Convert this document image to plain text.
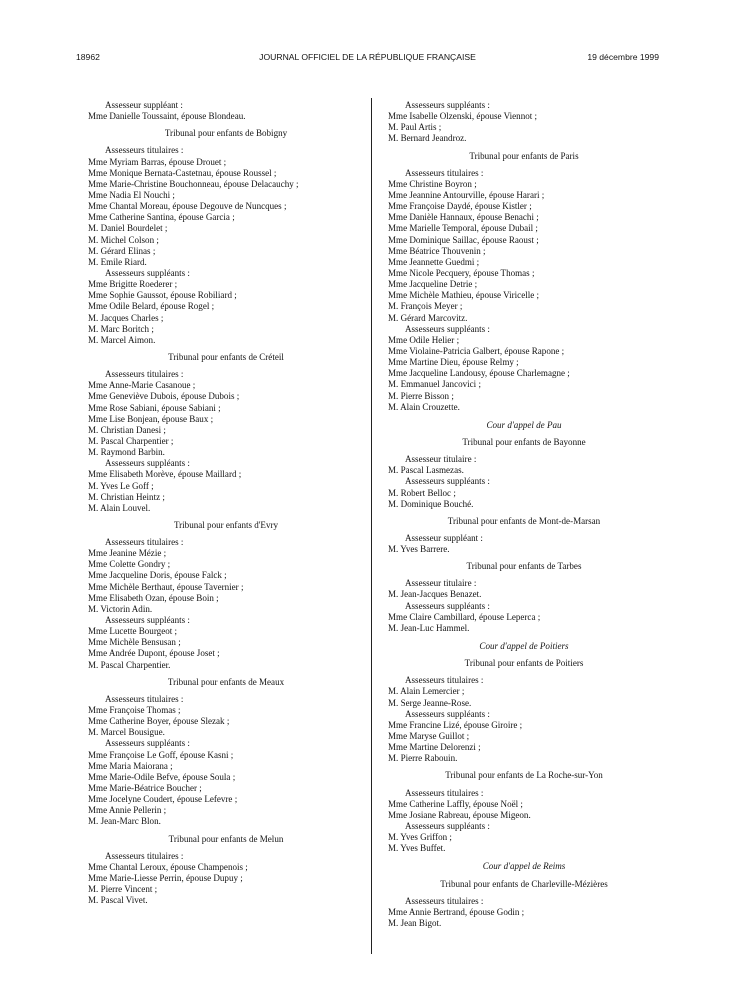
18962	JOURNAL OFFICIEL DE LA RÉPUBLIQUE FRANÇAISE	19 décembre 1999
Assesseur suppléant :
Mme Danielle Toussaint, épouse Blondeau.
Tribunal pour enfants de Bobigny
Assesseurs titulaires :
Mme Myriam Barras, épouse Drouet ;
Mme Monique Bernata-Castetnau, épouse Roussel ;
Mme Marie-Christine Bouchonneau, épouse Delacauchy ;
Mme Nadia El Nouchi ;
Mme Chantal Moreau, épouse Degouve de Nuncques ;
Mme Catherine Santina, épouse Garcia ;
M. Daniel Bourdelet ;
M. Michel Colson ;
M. Gérard Elinas ;
M. Emile Riard.
Assesseurs suppléants :
Mme Brigitte Roederer ;
Mme Sophie Gaussot, épouse Robiliard ;
Mme Odile Belard, épouse Rogel ;
M. Jacques Charles ;
M. Marc Boritch ;
M. Marcel Aimon.
Tribunal pour enfants de Créteil
Assesseurs titulaires :
Mme Anne-Marie Casanoue ;
Mme Geneviève Dubois, épouse Dubois ;
Mme Rose Sabiani, épouse Sabiani ;
Mme Lise Bonjean, épouse Baux ;
M. Christian Danesi ;
M. Pascal Charpentier ;
M. Raymond Barbin.
Assesseurs suppléants :
Mme Elisabeth Morève, épouse Maillard ;
M. Yves Le Goff ;
M. Christian Heintz ;
M. Alain Louvel.
Tribunal pour enfants d'Evry
Assesseurs titulaires :
Mme Jeanine Mézie ;
Mme Colette Gondry ;
Mme Jacqueline Doris, épouse Falck ;
Mme Michèle Berthaut, épouse Tavernier ;
Mme Elisabeth Ozan, épouse Boin ;
M. Victorin Adin.
Assesseurs suppléants :
Mme Lucette Bourgeot ;
Mme Michèle Bensusan ;
Mme Andrée Dupont, épouse Joset ;
M. Pascal Charpentier.
Tribunal pour enfants de Meaux
Assesseurs titulaires :
Mme Françoise Thomas ;
Mme Catherine Boyer, épouse Slezak ;
M. Marcel Bousigue.
Assesseurs suppléants :
Mme Françoise Le Goff, épouse Kasni ;
Mme Maria Maiorana ;
Mme Marie-Odile Befve, épouse Soula ;
Mme Marie-Béatrice Boucher ;
Mme Jocelyne Coudert, épouse Lefevre ;
Mme Annie Pellerin ;
M. Jean-Marc Blon.
Tribunal pour enfants de Melun
Assesseurs titulaires :
Mme Chantal Leroux, épouse Champenois ;
Mme Marie-Liesse Perrin, épouse Dupuy ;
M. Pierre Vincent ;
M. Pascal Vivet.
Assesseurs suppléants :
Mme Isabelle Olzenski, épouse Viennot ;
M. Paul Artis ;
M. Bernard Jeandroz.
Tribunal pour enfants de Paris
Assesseurs titulaires :
Mme Christine Boyron ;
Mme Jeannine Antourville, épouse Harari ;
Mme Françoise Daydé, épouse Kistler ;
Mme Danièle Hannaux, épouse Benachi ;
Mme Marielle Temporal, épouse Dubail ;
Mme Dominique Saillac, épouse Raoust ;
Mme Béatrice Thouvenin ;
Mme Jeannette Guedmi ;
Mme Nicole Pecquery, épouse Thomas ;
Mme Jacqueline Detrie ;
Mme Michèle Mathieu, épouse Viricelle ;
M. François Meyer ;
M. Gérard Marcovitz.
Assesseurs suppléants :
Mme Odile Helier ;
Mme Violaine-Patricia Galbert, épouse Rapone ;
Mme Martine Dieu, épouse Relmy ;
Mme Jacqueline Landousy, épouse Charlemagne ;
M. Emmanuel Jancovici ;
M. Pierre Bisson ;
M. Alain Crouzette.
Cour d'appel de Pau
Tribunal pour enfants de Bayonne
Assesseur titulaire :
M. Pascal Lasmezas.
Assesseurs suppléants :
M. Robert Belloc ;
M. Dominique Bouché.
Tribunal pour enfants de Mont-de-Marsan
Assesseur suppléant :
M. Yves Barrere.
Tribunal pour enfants de Tarbes
Assesseur titulaire :
M. Jean-Jacques Benazet.
Assesseurs suppléants :
Mme Claire Cambillard, épouse Leperca ;
M. Jean-Luc Hammel.
Cour d'appel de Poitiers
Tribunal pour enfants de Poitiers
Assesseurs titulaires :
M. Alain Lemercier ;
M. Serge Jeanne-Rose.
Assesseurs suppléants :
Mme Francine Lizé, épouse Giroire ;
Mme Maryse Guillot ;
Mme Martine Delorenzi ;
M. Pierre Rabouin.
Tribunal pour enfants de La Roche-sur-Yon
Assesseurs titulaires :
Mme Catherine Laffly, épouse Noël ;
Mme Josiane Rabreau, épouse Migeon.
Assesseurs suppléants :
M. Yves Griffon ;
M. Yves Buffet.
Cour d'appel de Reims
Tribunal pour enfants de Charleville-Mézières
Assesseurs titulaires :
Mme Annie Bertrand, épouse Godin ;
M. Jean Bigot.
